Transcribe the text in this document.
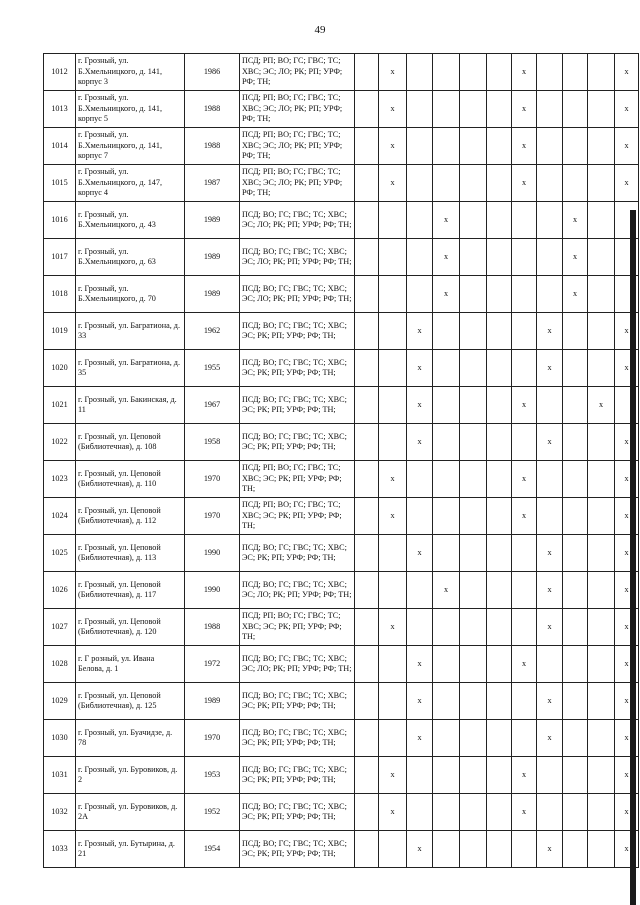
49
1012	г. Грозный, ул. Б.Хмельницкого, д. 141, корпус 3	1986	ПСД; РП; ВО; ГС; ГВС; ТС; ХВС; ЭС; ЛО; РК; РП; УРФ; РФ; ТН;		x					x				x
1013	г. Грозный, ул. Б.Хмельницкого, д. 141, корпус 5	1988	ПСД; РП; ВО; ГС; ГВС; ТС; ХВС; ЭС; ЛО; РК; РП; УРФ; РФ; ТН;		x					x				x
1014	г. Грозный, ул. Б.Хмельницкого, д. 141, корпус 7	1988	ПСД; РП; ВО; ГС; ГВС; ТС; ХВС; ЭС; ЛО; РК; РП; УРФ; РФ; ТН;		x					x				x
1015	г. Грозный, ул. Б.Хмельницкого, д. 147, корпус 4	1987	ПСД; РП; ВО; ГС; ГВС; ТС; ХВС; ЭС; ЛО; РК; РП; УРФ; РФ; ТН;		x					x				x
1016	г. Грозный, ул. Б.Хмельницкого, д. 43	1989	ПСД; ВО; ГС; ГВС; ТС; ХВС; ЭС; ЛО; РК; РП; УРФ; РФ; ТН;				x					x		
1017	г. Грозный, ул. Б.Хмельницкого, д. 63	1989	ПСД; ВО; ГС; ГВС; ТС; ХВС; ЭС; ЛО; РК; РП; УРФ; РФ; ТН;				x					x		
1018	г. Грозный, ул. Б.Хмельницкого, д. 70	1989	ПСД; ВО; ГС; ГВС; ТС; ХВС; ЭС; ЛО; РК; РП; УРФ; РФ; ТН;				x					x		
1019	г. Грозный, ул. Багратиона, д. 33	1962	ПСД; ВО; ГС; ГВС; ТС; ХВС; ЭС; РК; РП; УРФ; РФ; ТН;			x					x			x
1020	г. Грозный, ул. Багратиона, д. 35	1955	ПСД; ВО; ГС; ГВС; ТС; ХВС; ЭС; РК; РП; УРФ; РФ; ТН;			x					x			x
1021	г. Грозный, ул. Бакинская, д. 11	1967	ПСД; ВО; ГС; ГВС; ТС; ХВС; ЭС; РК; РП; УРФ; РФ; ТН;			x				x			x	
1022	г. Грозный, ул. Цеповой (Библиотечная), д. 108	1958	ПСД; ВО; ГС; ГВС; ТС; ХВС; ЭС; РК; РП; УРФ; РФ; ТН;			x					x			x
1023	г. Грозный, ул. Цеповой (Библиотечная), д. 110	1970	ПСД; РП; ВО; ГС; ГВС; ТС; ХВС; ЭС; РК; РП; УРФ; РФ; ТН;		x					x				x
1024	г. Грозный, ул. Цеповой (Библиотечная), д. 112	1970	ПСД; РП; ВО; ГС; ГВС; ТС; ХВС; ЭС; РК; РП; УРФ; РФ; ТН;		x					x				x
1025	г. Грозный, ул. Цеповой (Библиотечная), д. 113	1990	ПСД; ВО; ГС; ГВС; ТС; ХВС; ЭС; РК; РП; УРФ; РФ; ТН;			x					x			x
1026	г. Грозный, ул. Цеповой (Библиотечная), д. 117	1990	ПСД; ВО; ГС; ГВС; ТС; ХВС; ЭС; ЛО; РК; РП; УРФ; РФ; ТН;				x				x			x
1027	г. Грозный, ул. Цеповой (Библиотечная), д. 120	1988	ПСД; РП; ВО; ГС; ГВС; ТС; ХВС; ЭС; РК; РП; УРФ; РФ; ТН;		x						x			x
1028	г. Г розный, ул. Ивана Белова, д. 1	1972	ПСД; ВО; ГС; ГВС; ТС; ХВС; ЭС; ЛО; РК; РП; УРФ; РФ; ТН;			x				x				x
1029	г. Грозный, ул. Цеповой (Библиотечная), д. 125	1989	ПСД; ВО; ГС; ГВС; ТС; ХВС; ЭС; РК; РП; УРФ; РФ; ТН;			x					x			x
1030	г. Грозный, ул. Буачидзе, д. 78	1970	ПСД; ВО; ГС; ГВС; ТС; ХВС; ЭС; РК; РП; УРФ; РФ; ТН;			x					x			x
1031	г. Грозный, ул. Буровиков, д. 2	1953	ПСД; ВО; ГС; ГВС; ТС; ХВС; ЭС; РК; РП; УРФ; РФ; ТН;		x					x				x
1032	г. Грозный, ул. Буровиков, д. 2А	1952	ПСД; ВО; ГС; ГВС; ТС; ХВС; ЭС; РК; РП; УРФ; РФ; ТН;		x					x				x
1033	г. Грозный, ул. Бутырина, д. 21	1954	ПСД; ВО; ГС; ГВС; ТС; ХВС; ЭС; РК; РП; УРФ; РФ; ТН;			x					x			x
